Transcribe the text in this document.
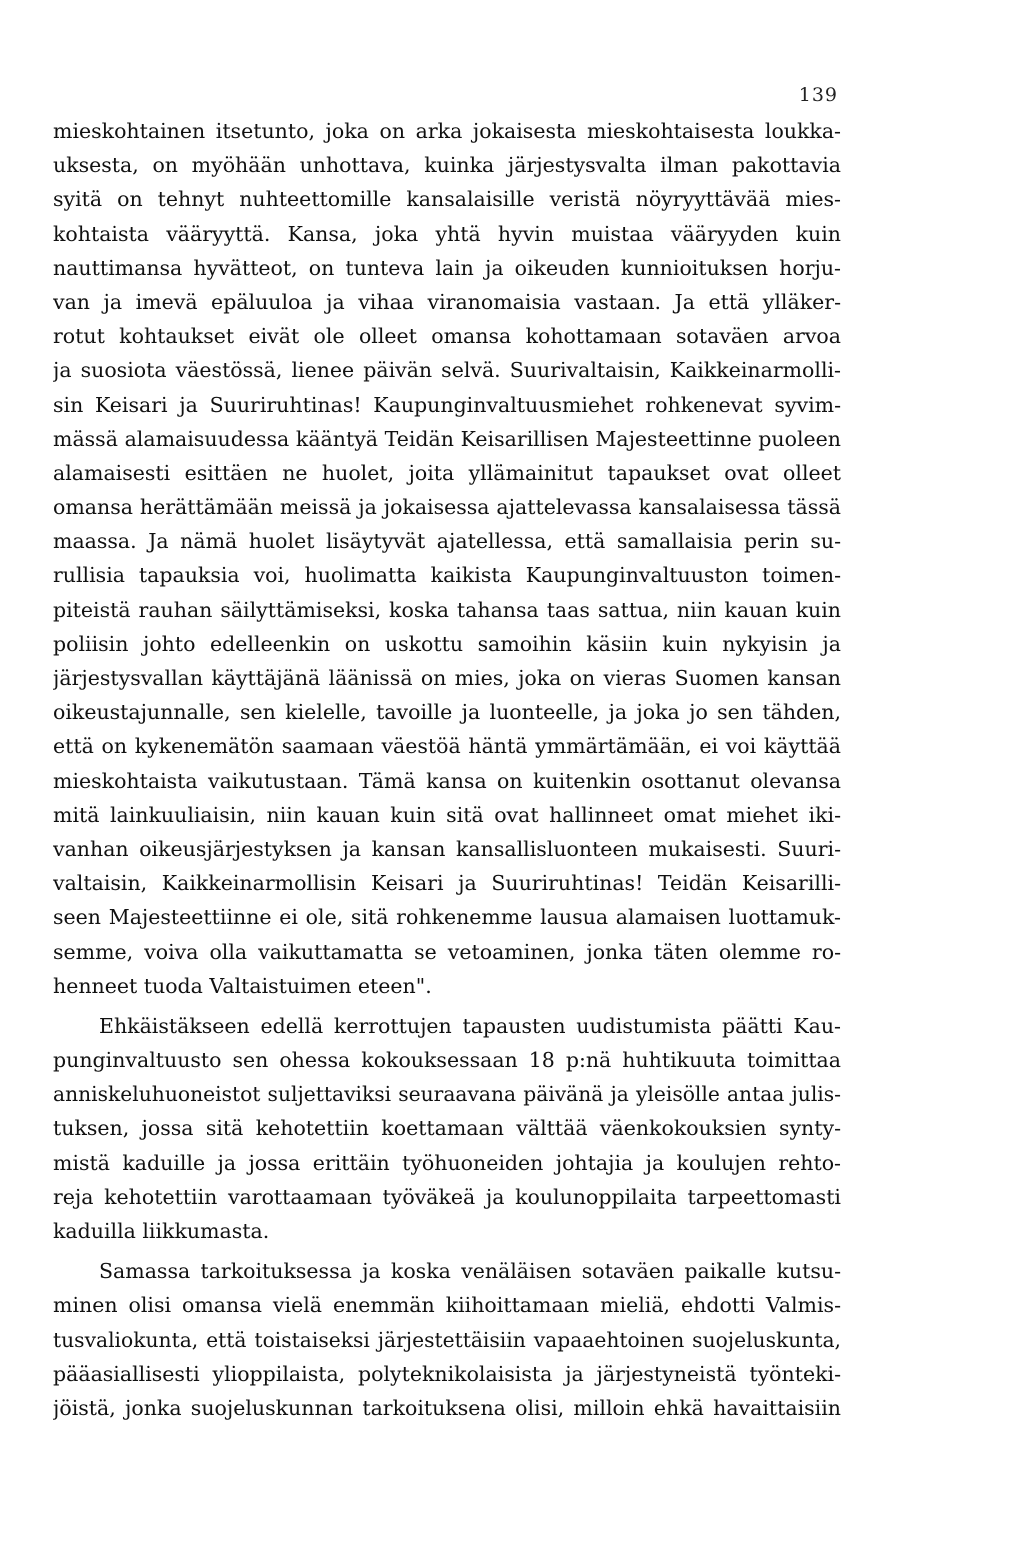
139
mieskohtainen itsetunto, joka on arka jokaisesta mieskohtaisesta loukka-
uksesta, on myöhään unhottava, kuinka järjestysvalta ilman pakottavia
syitä on tehnyt nuhteettomille kansalaisille veristä nöyryyttävää mies-
kohtaista vääryyttä. Kansa, joka yhtä hyvin muistaa vääryyden kuin
nauttimansa hyvätteot, on tunteva lain ja oikeuden kunnioituksen horju-
van ja imevä epäluuloa ja vihaa viranomaisia vastaan. Ja että ylläker-
rotut kohtaukset eivät ole olleet omansa kohottamaan sotaväen arvoa
ja suosiota väestössä, lienee päivän selvä. Suurivaltaisin, Kaikkeinarmolli-
sin Keisari ja Suuriruhtinas! Kaupunginvaltuusmiehet rohkenevat syvim-
mässä alamaisuudessa kääntyä Teidän Keisarillisen Majesteettinne puoleen
alamaisesti esittäen ne huolet, joita yllämainitut tapaukset ovat olleet
omansa herättämään meissä ja jokaisessa ajattelevassa kansalaisessa tässä
maassa. Ja nämä huolet lisäytyvät ajatellessa, että samallaisia perin su-
rullisia tapauksia voi, huolimatta kaikista Kaupunginvaltuuston toimen-
piteistä rauhan säilyttämiseksi, koska tahansa taas sattua, niin kauan kuin
poliisin johto edelleenkin on uskottu samoihin käsiin kuin nykyisin ja
järjestysvallan käyttäjänä läänissä on mies, joka on vieras Suomen kansan
oikeustajunnalle, sen kielelle, tavoille ja luonteelle, ja joka jo sen tähden,
että on kykenemätön saamaan väestöä häntä ymmärtämään, ei voi käyttää
mieskohtaista vaikutustaan. Tämä kansa on kuitenkin osottanut olevansa
mitä lainkuuliaisin, niin kauan kuin sitä ovat hallinneet omat miehet iki-
vanhan oikeusjärjestyksen ja kansan kansallisluonteen mukaisesti. Suuri-
valtaisin, Kaikkeinarmollisin Keisari ja Suuriruhtinas! Teidän Keisarilli-
seen Majesteettiinne ei ole, sitä rohkenemme lausua alamaisen luottamuk-
semme, voiva olla vaikuttamatta se vetoaminen, jonka täten olemme ro-
henneet tuoda Valtaistuimen eteen".
Ehkäistäkseen edellä kerrottujen tapausten uudistumista päätti Kau-
punginvaltuusto sen ohessa kokouksessaan 18 p:nä huhtikuuta toimittaa
anniskeluhuoneistot suljettaviksi seuraavana päivänä ja yleisölle antaa julis-
tuksen, jossa sitä kehotettiin koettamaan välttää väenkokouksien synty-
mistä kaduille ja jossa erittäin työhuoneiden johtajia ja koulujen rehto-
reja kehotettiin varottaamaan työväkeä ja koulunoppilaita tarpeettomasti
kaduilla liikkumasta.
Samassa tarkoituksessa ja koska venäläisen sotaväen paikalle kutsu-
minen olisi omansa vielä enemmän kiihoittamaan mieliä, ehdotti Valmis-
tusvaliokunta, että toistaiseksi järjestettäisiin vapaaehtoinen suojeluskunta,
pääasiallisesti ylioppilaista, polyteknikolaisista ja järjestyneistä työnteki-
jöistä, jonka suojeluskunnan tarkoituksena olisi, milloin ehkä havaittaisiin
